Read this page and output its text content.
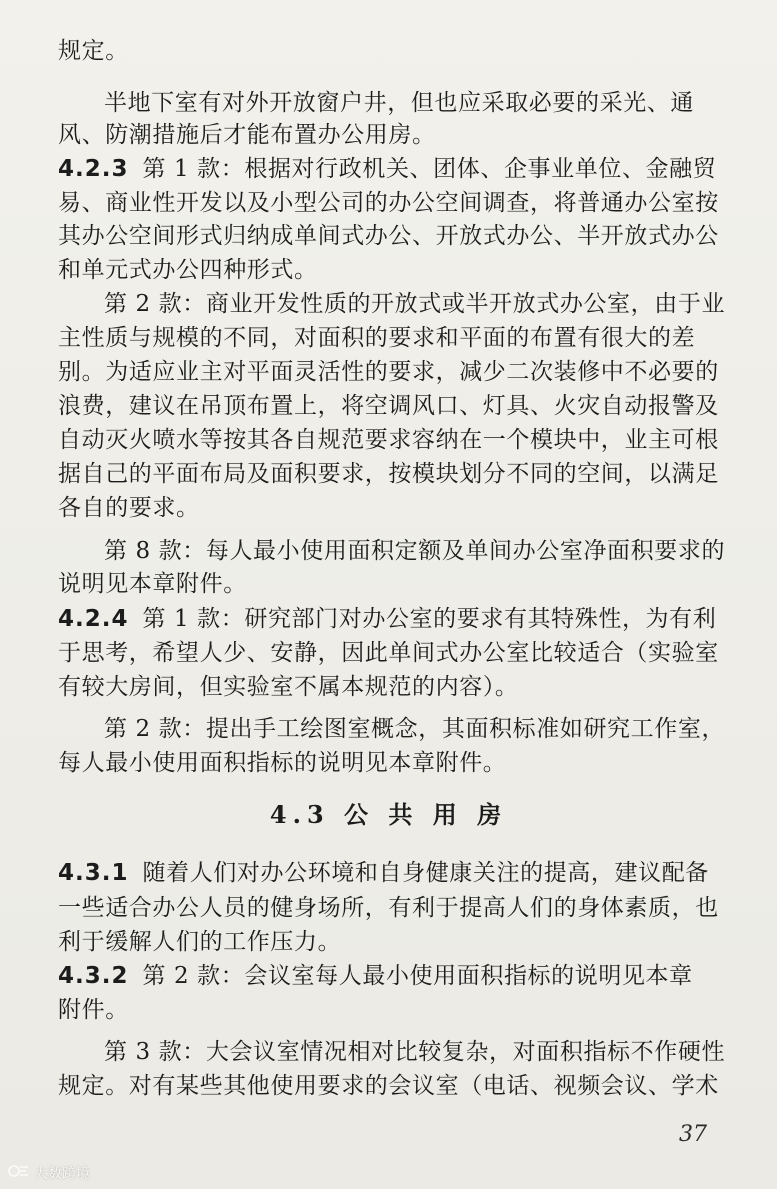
规定。
半地下室有对外开放窗户井，但也应采取必要的采光、通
风、防潮措施后才能布置办公用房。
4.2.3 第 1 款：根据对行政机关、团体、企事业单位、金融贸
易、商业性开发以及小型公司的办公空间调查，将普通办公室按
其办公空间形式归纳成单间式办公、开放式办公、半开放式办公
和单元式办公四种形式。
第 2 款：商业开发性质的开放式或半开放式办公室，由于业
主性质与规模的不同，对面积的要求和平面的布置有很大的差
别。为适应业主对平面灵活性的要求，减少二次装修中不必要的
浪费，建议在吊顶布置上，将空调风口、灯具、火灾自动报警及
自动灭火喷水等按其各自规范要求容纳在一个模块中，业主可根
据自己的平面布局及面积要求，按模块划分不同的空间，以满足
各自的要求。
第 8 款：每人最小使用面积定额及单间办公室净面积要求的
说明见本章附件。
4.2.4 第 1 款：研究部门对办公室的要求有其特殊性，为有利
于思考，希望人少、安静，因此单间式办公室比较适合（实验室
有较大房间，但实验室不属本规范的内容）。
第 2 款：提出手工绘图室概念，其面积标准如研究工作室，
每人最小使用面积指标的说明见本章附件。
4.3 公 共 用 房
4.3.1 随着人们对办公环境和自身健康关注的提高，建议配备
一些适合办公人员的健身场所，有利于提高人们的身体素质，也
利于缓解人们的工作压力。
4.3.2 第 2 款：会议室每人最小使用面积指标的说明见本章
附件。
第 3 款：大会议室情况相对比较复杂，对面积指标不作硬性
规定。对有某些其他使用要求的会议室（电话、视频会议、学术
37
大数跨境
